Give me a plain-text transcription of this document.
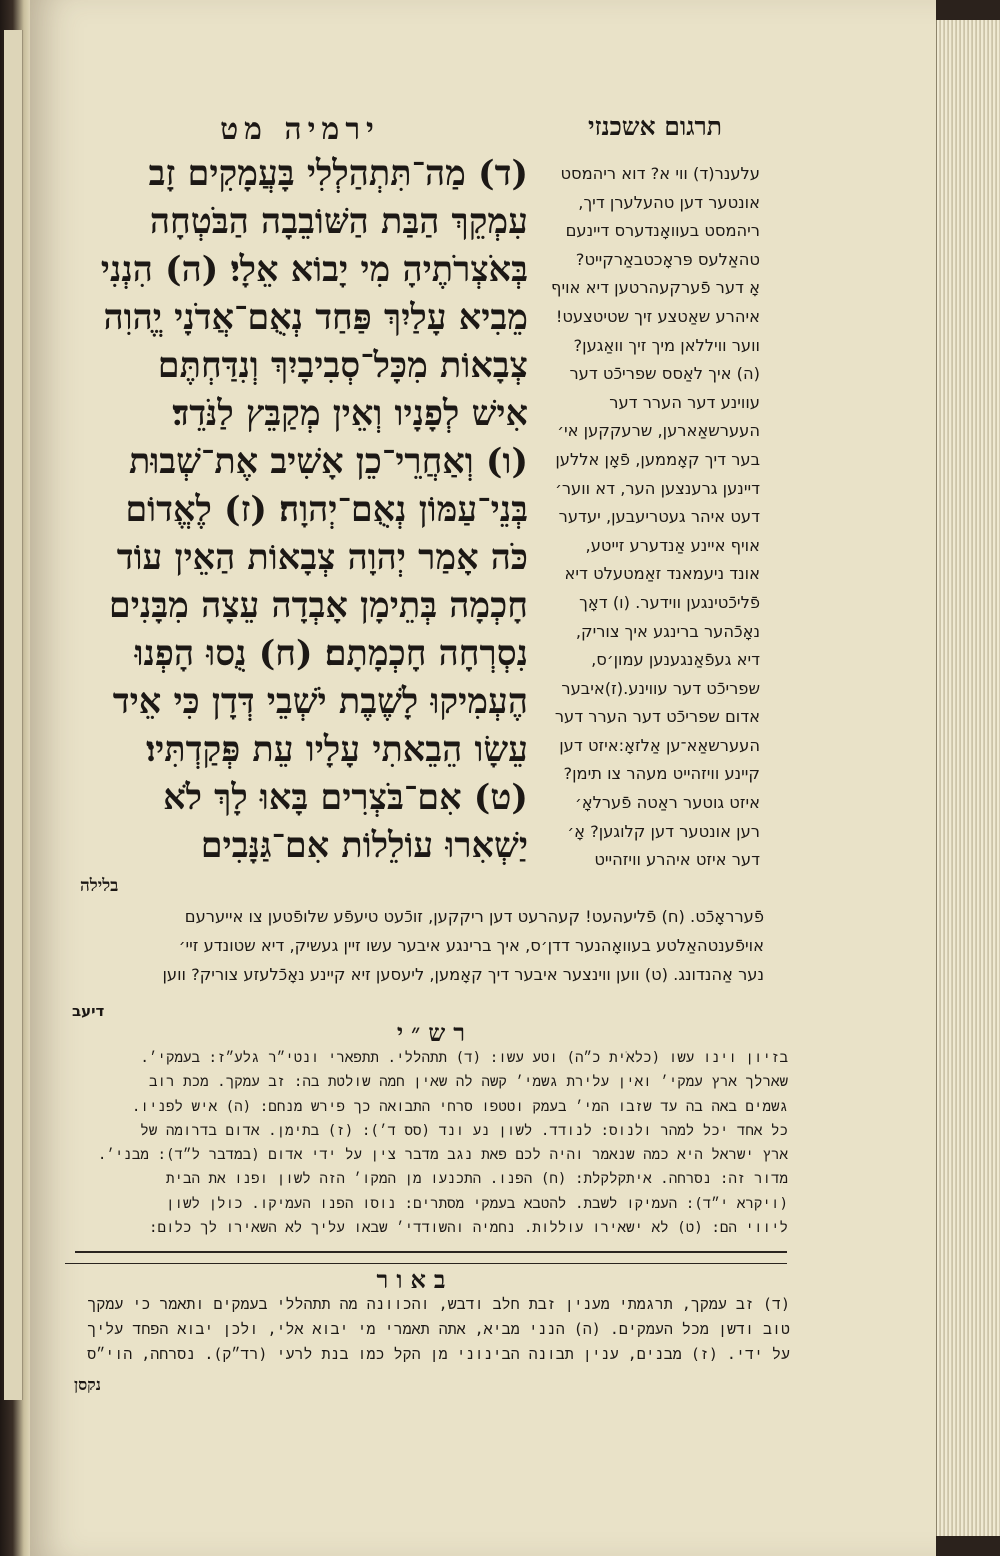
ירמיה מט	תרגום אשכנזי
(ד) מַה־תִּתְהַלְלִי בָּעֲמָקִים זָב
עִמְקֵךְ הַבַּת הַשּׁוֹבֵבָה הַבֹּטְחָה
בְּאֹצְרֹתֶיהָ מִי יָבוֹא אֵלָי׃ (ה) הִנְנִי
מֵבִיא עָלַיִךְ פַּחַד נְאֻם־אֲדֹנָי יֱהוִה
צְבָאוֹת מִכָּל־סְבִיבָיִךְ וְנִדַּחְתֶּם
אִישׁ לְפָנָיו וְאֵין מְקַבֵּץ לַנֹּדֵד׃
(ו) וְאַחֲרֵי־כֵן אָשִׁיב אֶת־שְׁבוּת
בְּנֵי־עַמּוֹן נְאֻם־יְהוָה׃ (ז) לֶאֱדוֹם
כֹּה אָמַר יְהוָה צְבָאוֹת הַאֵין עוֹד
חָכְמָה בְּתֵימָן אָבְדָה עֵצָה מִבָּנִים
נִסְרְחָה חָכְמָתָם׃ (ח) נֻסוּ הָפְנוּ
הֶעְמִיקוּ לָשֶׁבֶת יֹשְׁבֵי דְּדָן כִּי אֵיד
עֵשָׂו הֵבֵאתִי עָלָיו עֵת פְּקַדְתִּיו׃
(ט) אִם־בֹּצְרִים בָּאוּ לָךְ לֹא
יַשְׁאִרוּ עוֹלֵלוֹת אִם־גַּנָּבִים
בלילה
עלענר(ד) ווי א? דוא ריהמסט
אונטער דען טהעלערן דיך,
ריהמסט בעוואָנדערס דיינעם
טהאַלעס פּראָכטבאַרקייט?
אָ דער פֿערקעהרטען דיא אויף
איהרע שאַטצע זיך שטיטצעט!
ווער וויללאן מיך זיך וואַגען?
(ה) איך לאַסס שפריכֿט דער
עווינע דער הערר דער
העערשאַארען, שרעקקען אי׳
בער דיך קאָממען, פֿאָן אללען
דיינען גרענצען הער, דא ווער׳
דעט איהר געטריעבען, יעדער
אויף איינע אַנדערע זייטע,
אונד ניעמאנד זאַמטעלט דיא
פֿליכֿטינגען ווידער. (ו) דאָך
נאָכֿהער ברינגע איך צוריק,
דיא געפֿאַנגענען עמון׳ס,
שפריכֿט דער עווינע.(ז)איבער
אדום שפריכֿט דער הערר דער
העערשאַא־ען אַלזאָ:איזט דען
קיינע וויזהייט מעהר צו תימן?
איזט גוטער ראַטה פֿערלאָ׳
רען אונטער דען קלוגען? אָ׳
דער איזט איהרע וויזהייט
פֿערראָכֿט. (ח) פֿליעהעט! קעהרעט דען ריקקען, זוכֿעט טיעפֿע שלופֿטען צו אייערעם
אויפֿענטהאַלטע בעוואָהנער דדן׳ס, איך ברינגע איבער עשו זיין געשיק, דיא שטונדע זיי׳
נער אַהנדונג. (ט) ווען ווינצער איבער דיך קאָמען, ליעסען זיא קיינע נאָכֿלעזע צוריק? ווען
דיעב
רש״י
בזיון וינו עשו (כלאֹית כ״ה) וטע עשו: (ד) תתהללי. תתפארי ונטי״ר גלע״ז: בעמקי׳.
שארלך ארץ עמקי׳ ואין עלירת גשמי׳ קשה לה שאין חמה שולטת בה: זב עמקך. מכת רוב
גשמים באה בה עד שזבו המי׳ בעמק וטטפו סרחי התבואה כך פירש מנחם: (ה) איש לפניו.
כל אחד יכל למהר ולנוס: לנודד. לשון נע ונד (סס ד׳): (ז) בתימן. אדום בדרומה של
ארץ ישראל היא כמה שנאמר והיה לכם פאת נגב מדבר צין על ידי אדום (במדבר ל״ד): מבני׳.
מדור זה: נסרחה. איתקלקלת: (ח) הפנו. התכנעו מן המקו׳ הזה לשון ופנו את הבית
(ויקרא י״ד): העמיקו לשבת. להטבא בעמקי מסתרים: נוסו הפנו העמיקו. כולן לשון
ליווי הם: (ט) לא ישאירו עוללות. נחמיה והשודדי׳ שבאו עליך לא השאירו לך כלום:
באור
(ד) זב עמקך, תרגמתי מענין זבת חלב ודבש, והכוונה מה תתהללי בעמקים ותאמר כי עמקך
טוב ודשן מכל העמקים. (ה) הנני מביא, אתה תאמרי מי יבוא אלי, ולכן יבוא הפחד עליך
על ידי. (ז) מבנים, ענין תבונה הבינוני מן הקל כמו בנת לרעי (רד״ק). נסרחה, הוי״ס
נקסן
